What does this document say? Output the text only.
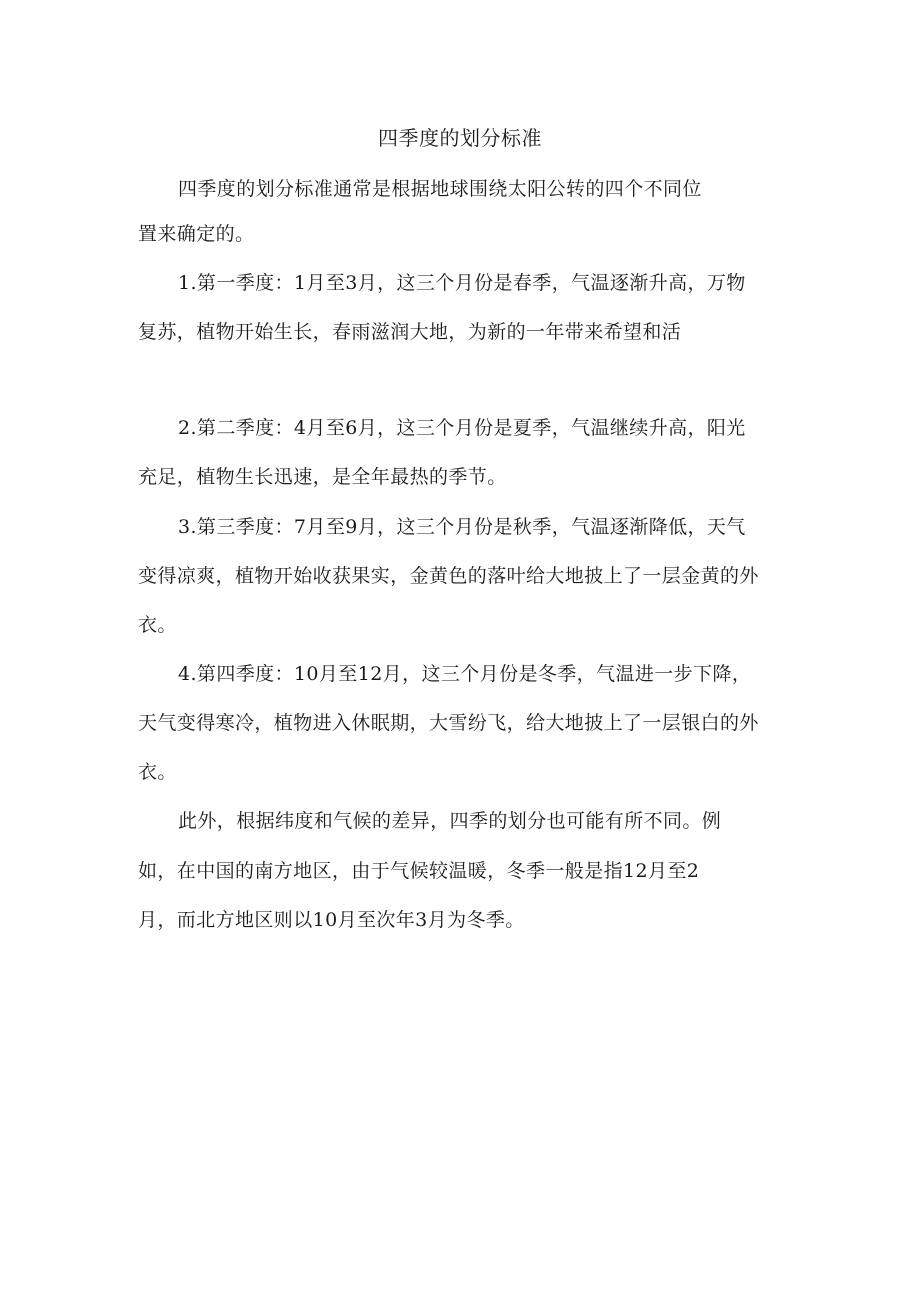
四季度的划分标准
四季度的划分标准通常是根据地球围绕太阳公转的四个不同位
置来确定的。
1.第一季度：1月至3月，这三个月份是春季，气温逐渐升高，万物
复苏，植物开始生长，春雨滋润大地，为新的一年带来希望和活
2.第二季度：4月至6月，这三个月份是夏季，气温继续升高，阳光
充足，植物生长迅速，是全年最热的季节。
3.第三季度：7月至9月，这三个月份是秋季，气温逐渐降低，天气
变得凉爽，植物开始收获果实，金黄色的落叶给大地披上了一层金黄的外
衣。
4.第四季度：10月至12月，这三个月份是冬季，气温进一步下降，
天气变得寒冷，植物进入休眠期，大雪纷飞，给大地披上了一层银白的外
衣。
此外，根据纬度和气候的差异，四季的划分也可能有所不同。例
如，在中国的南方地区，由于气候较温暖，冬季一般是指12月至2
月，而北方地区则以10月至次年3月为冬季。
